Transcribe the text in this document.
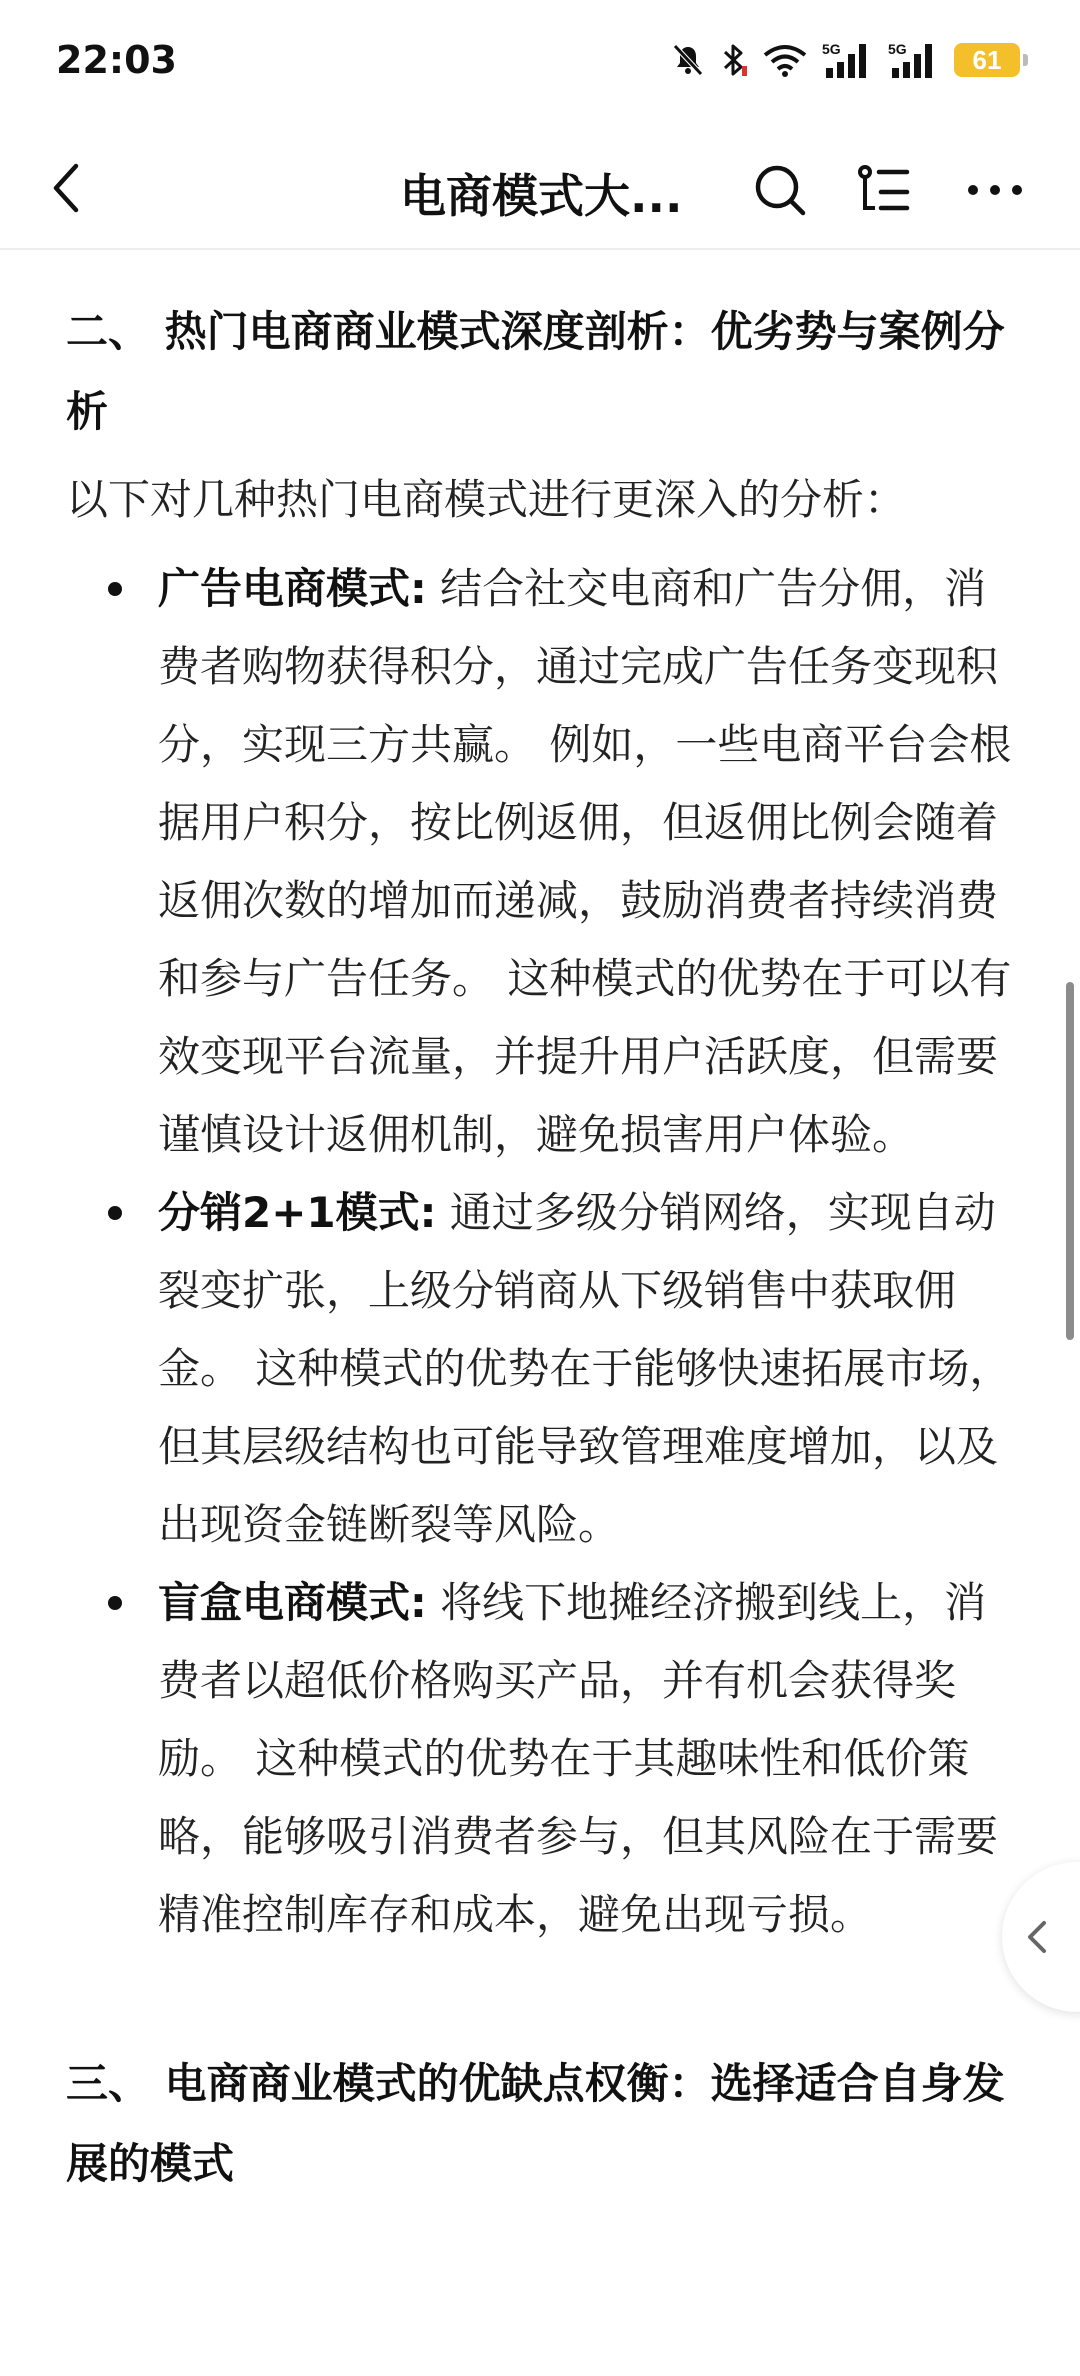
22:03	5G	5G	61
电商模式大...
二、 热门电商商业模式深度剖析：优劣势与案例分析

以下对几种热门电商模式进行更深入的分析：

广告电商模式: 结合社交电商和广告分佣，消费者购物获得积分，通过完成广告任务变现积分，实现三方共赢。 例如，一些电商平台会根据用户积分，按比例返佣，但返佣比例会随着返佣次数的增加而递减，鼓励消费者持续消费和参与广告任务。 这种模式的优势在于可以有效变现平台流量，并提升用户活跃度，但需要谨慎设计返佣机制，避免损害用户体验。
分销2+1模式: 通过多级分销网络，实现自动裂变扩张，上级分销商从下级销售中获取佣金。 这种模式的优势在于能够快速拓展市场，但其层级结构也可能导致管理难度增加，以及出现资金链断裂等风险。
盲盒电商模式: 将线下地摊经济搬到线上，消费者以超低价格购买产品，并有机会获得奖励。 这种模式的优势在于其趣味性和低价策略，能够吸引消费者参与，但其风险在于需要精准控制库存和成本，避免出现亏损。
三、 电商商业模式的优缺点权衡：选择适合自身发展的模式
